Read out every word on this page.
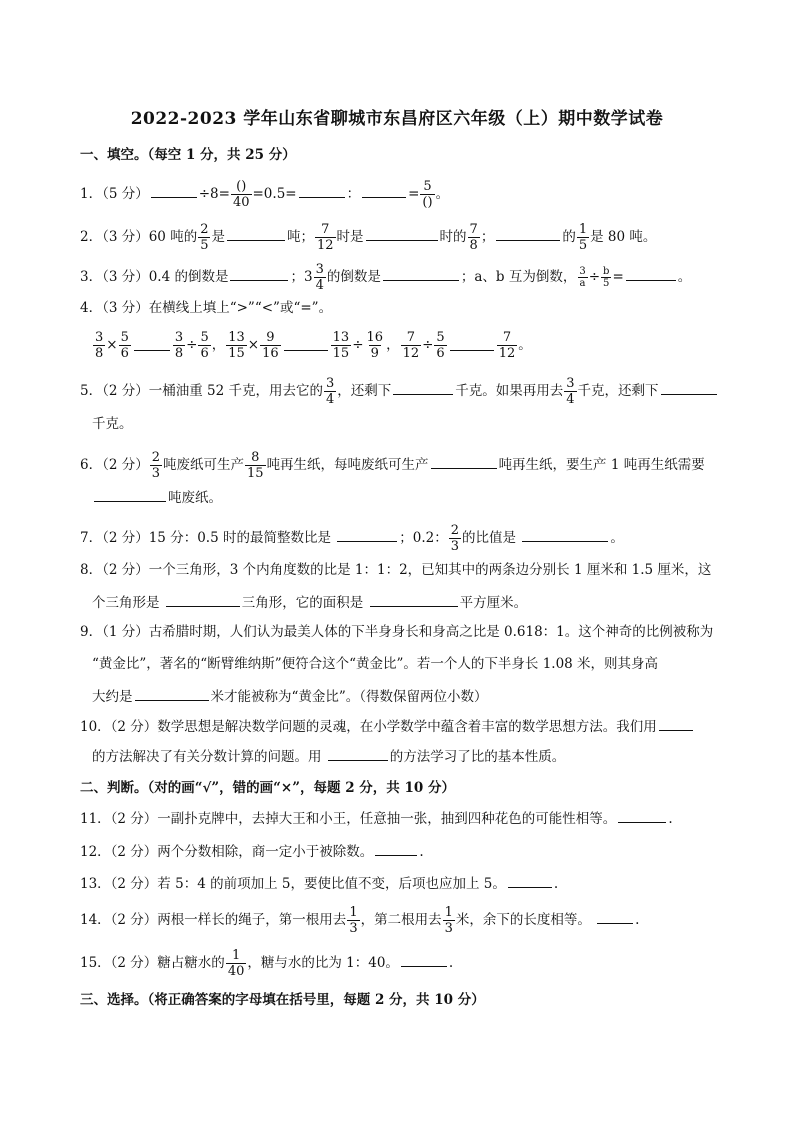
2022-2023 学年山东省聊城市东昌府区六年级（上）期中数学试卷
一、填空。（每空 1 分，共 25 分）
1．（5 分）	$\div 8= \frac{()}{40} =0.5=$	：	= $\frac{5}{()}$ 。
2．（3 分）60 吨的 $\frac{2}{5}$ 是	吨； $\frac{7}{12}$ 时是	时的 $\frac{7}{8}$ ；	的 $\frac{1}{5}$ 是 80 吨。
3．（3 分）0.4 的倒数是	；$3 \frac{3}{4}$ 的倒数是	；a、b 互为倒数， $\frac{3}{a} \div \frac{b}{5}$ =	。
4．（3 分）在横线上填上“>”“<”或“=”。
$\frac{3}{8} \times \frac{5}{6}$	$\frac{3}{8} \div \frac{5}{6}$ ， $\frac{13}{15} \times \frac{9}{16}$	$\frac{13}{15} \div \frac{16}{9}$ ， $\frac{7}{12} \div \frac{5}{6}$	$\frac{7}{12}$ 。
5．（2 分）一桶油重 52 千克，用去它的 $\frac{3}{4}$ ，还剩下	千克。如果再用去 $\frac{3}{4}$ 千克，还剩下
千克。
6．（2 分） $\frac{2}{3}$ 吨废纸可生产 $\frac{8}{15}$ 吨再生纸，每吨废纸可生产	吨再生纸，要生产 1 吨再生纸需要
吨废纸。
7．（2 分）15 分：0.5 时的最简整数比是	；0.2： $\frac{2}{3}$ 的比值是	。
8．（2 分）一个三角形，3 个内角度数的比是 1：1：2，已知其中的两条边分别长 1 厘米和 1.5 厘米，这
个三角形是	三角形，它的面积是	平方厘米。
9．（1 分）古希腊时期，人们认为最美人体的下半身身长和身高之比是 0.618：1。这个神奇的比例被称为
“黄金比”，著名的“断臂维纳斯”便符合这个“黄金比”。若一个人的下半身长 1.08 米，则其身高
大约是	米才能被称为“黄金比”。（得数保留两位小数）
10．（2 分）数学思想是解决数学问题的灵魂，在小学数学中蕴含着丰富的数学思想方法。我们用
的方法解决了有关分数计算的问题。用	的方法学习了比的基本性质。
二、判断。（对的画“√”，错的画“×”，每题 2 分，共 10 分）
11．（2 分）一副扑克牌中，去掉大王和小王，任意抽一张，抽到四种花色的可能性相等。	.
12．（2 分）两个分数相除，商一定小于被除数。	.
13．（2 分）若 5：4 的前项加上 5，要使比值不变，后项也应加上 5。	.
14．（2 分）两根一样长的绳子，第一根用去 $\frac{1}{3}$ ，第二根用去 $\frac{1}{3}$ 米，余下的长度相等。	.
15．（2 分）糖占糖水的 $\frac{1}{40}$ ，糖与水的比为 1：40。	.
三、选择。（将正确答案的字母填在括号里，每题 2 分，共 10 分）
